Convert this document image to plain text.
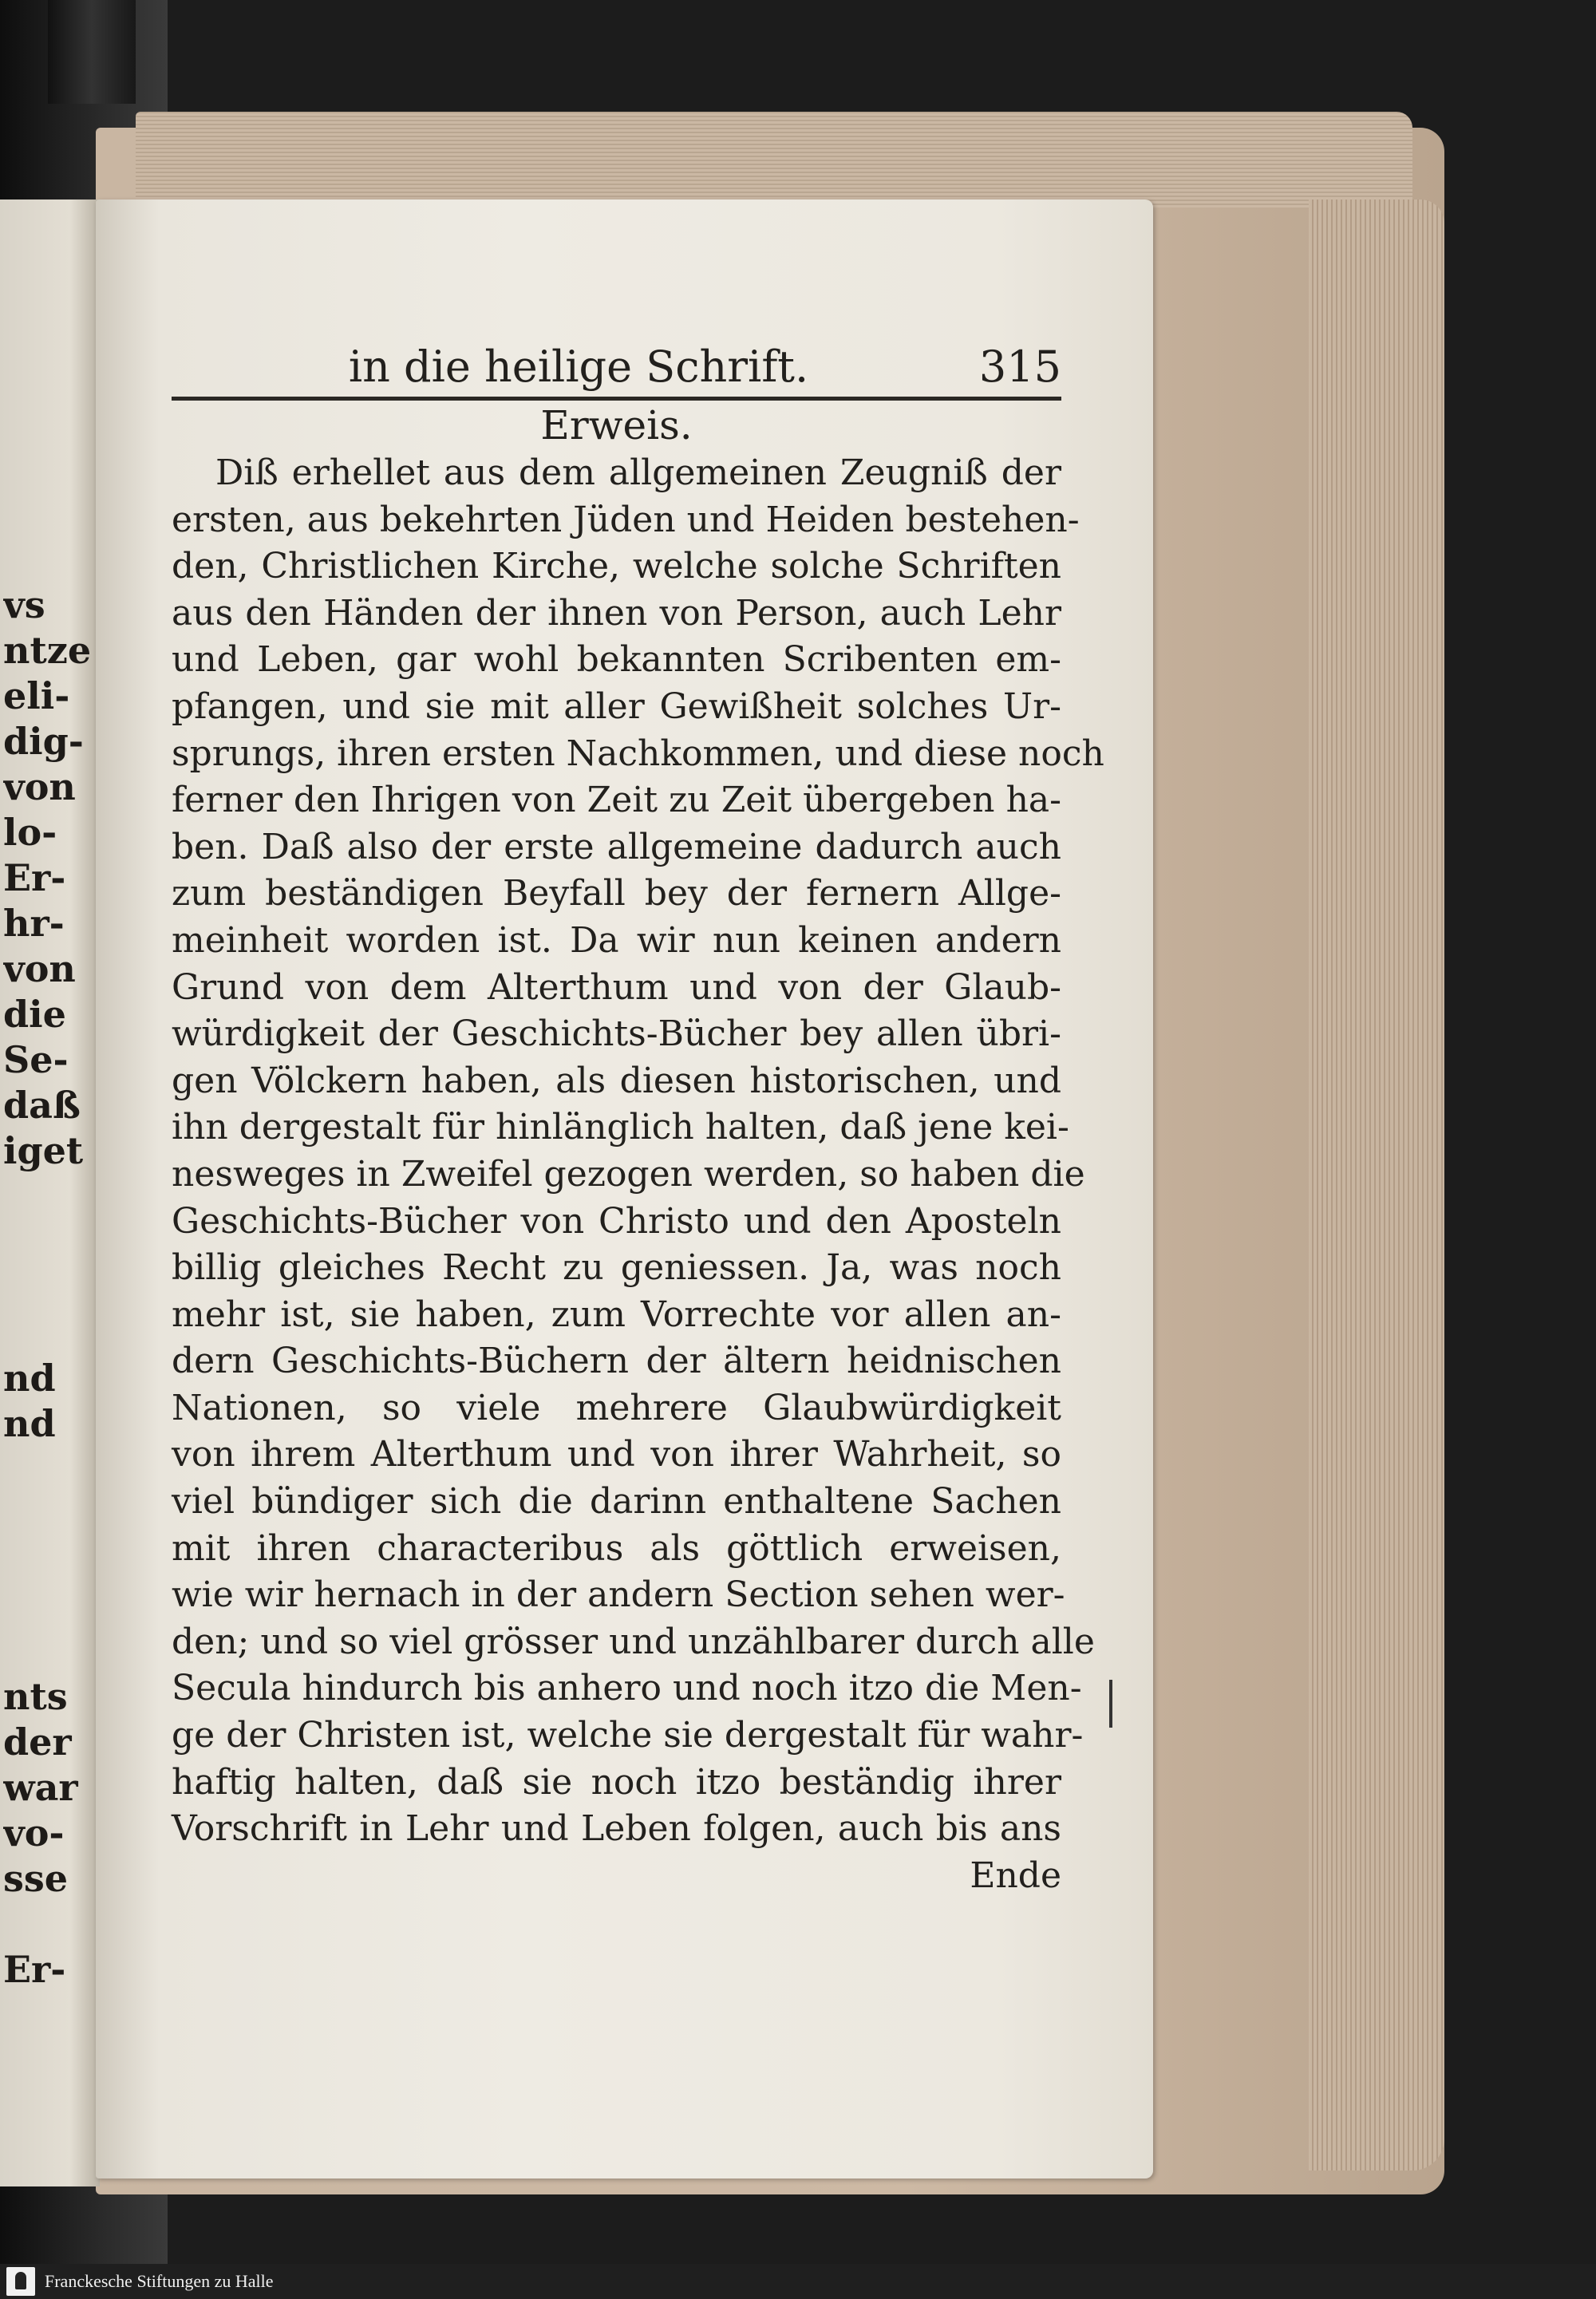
vs
ntze
eli-
dig-
von
lo-
Er-
hr-
von
die
Se-
daß
iget
nd
nd
nts
der
war
vo-
sse
Er-
in die heilige Schrift.	315
Erweis.
Diß erhellet aus dem allgemeinen Zeugniß der
ersten, aus bekehrten Jüden und Heiden bestehen-
den, Christlichen Kirche, welche solche Schriften
aus den Händen der ihnen von Person, auch Lehr
und Leben, gar wohl bekannten Scribenten em-
pfangen, und sie mit aller Gewißheit solches Ur-
sprungs, ihren ersten Nachkommen, und diese noch
ferner den Ihrigen von Zeit zu Zeit übergeben ha-
ben. Daß also der erste allgemeine dadurch auch
zum beständigen Beyfall bey der fernern Allge-
meinheit worden ist. Da wir nun keinen andern
Grund von dem Alterthum und von der Glaub-
würdigkeit der Geschichts-Bücher bey allen übri-
gen Völckern haben, als diesen historischen, und
ihn dergestalt für hinlänglich halten, daß jene kei-
nesweges in Zweifel gezogen werden, so haben die
Geschichts-Bücher von Christo und den Aposteln
billig gleiches Recht zu geniessen. Ja, was noch
mehr ist, sie haben, zum Vorrechte vor allen an-
dern Geschichts-Büchern der ältern heidnischen
Nationen, so viele mehrere Glaubwürdigkeit
von ihrem Alterthum und von ihrer Wahrheit, so
viel bündiger sich die darinn enthaltene Sachen
mit ihren characteribus als göttlich erweisen,
wie wir hernach in der andern Section sehen wer-
den; und so viel grösser und unzählbarer durch alle
Secula hindurch bis anhero und noch itzo die Men-
ge der Christen ist, welche sie dergestalt für wahr-
haftig halten, daß sie noch itzo beständig ihrer
Vorschrift in Lehr und Leben folgen, auch bis ans
Ende
Franckesche Stiftungen zu Halle
